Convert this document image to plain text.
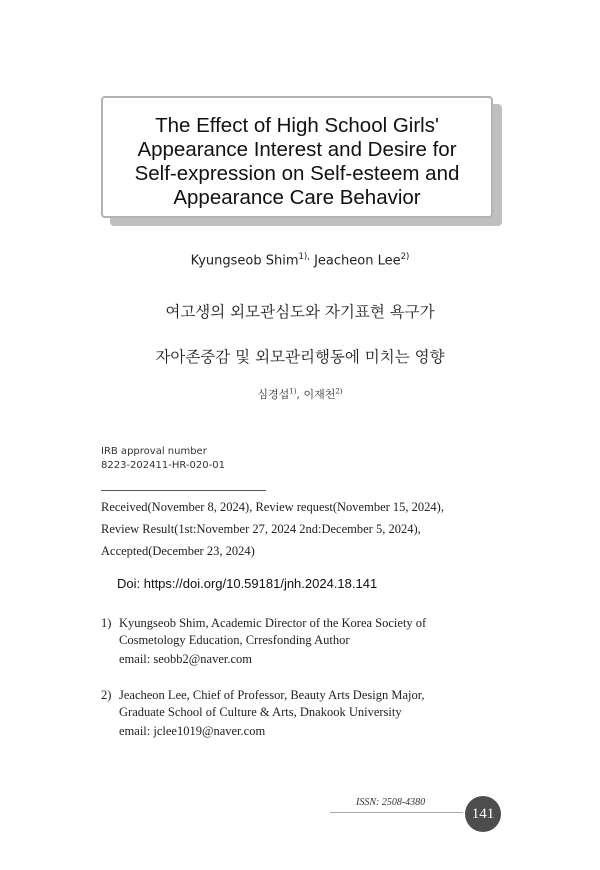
The Effect of High School Girls'
Appearance Interest and Desire for
Self-expression on Self-esteem and
Appearance Care Behavior
Kyungseob Shim$^{1),}$ Jeacheon Lee$^{2)}$
여고생의 외모관심도와 자기표현 욕구가
자아존중감 및 외모관리행동에 미치는 영향
심경섭$^{1)}$, 이재천$^{2)}$
IRB approval number
8223-202411-HR-020-01
Received(November 8, 2024), Review request(November 15, 2024),
Review Result(1st:November 27, 2024 2nd:December 5, 2024),
Accepted(December 23, 2024)
Doi: https://doi.org/10.59181/jnh.2024.18.141
1) Kyungseob Shim, Academic Director of the Korea Society of
Cosmetology Education, Crresfonding Author
email: seobb2@naver.com
2) Jeacheon Lee, Chief of Professor, Beauty Arts Design Major,
Graduate School of Culture & Arts, Dnakook University
email: jclee1019@naver.com
ISSN: 2508-4380
141
